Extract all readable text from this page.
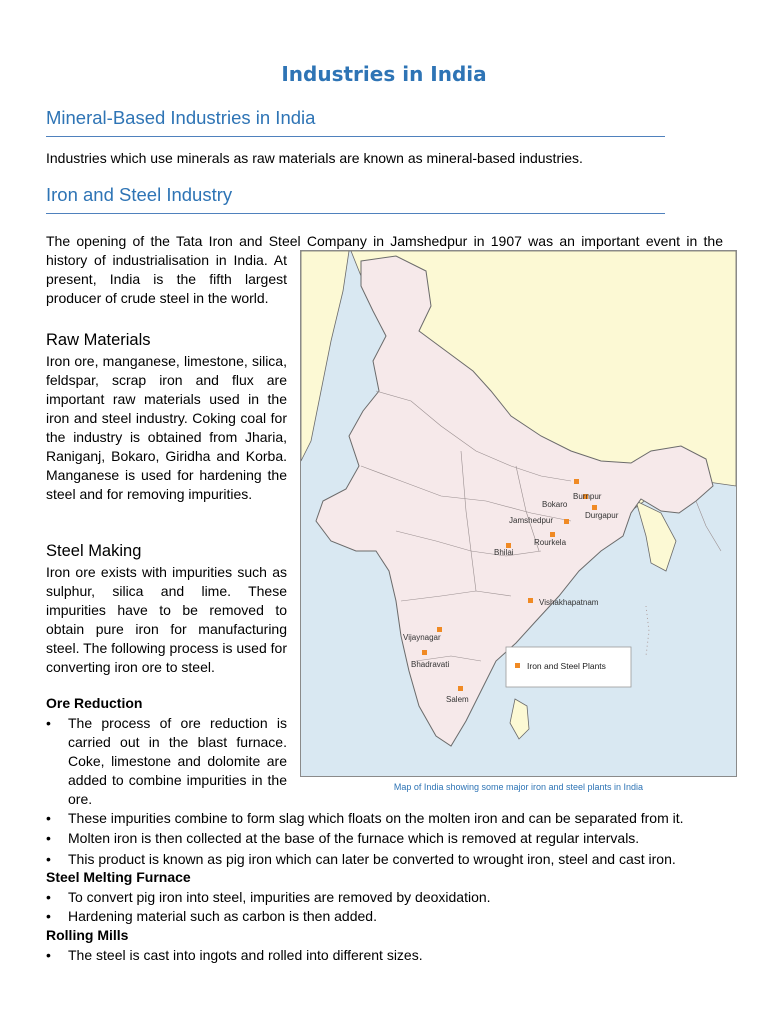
Industries in India
Mineral-Based Industries in India
Industries which use minerals as raw materials are known as mineral-based industries.
Iron and Steel Industry
The opening of the Tata Iron and Steel Company in Jamshedpur in 1907 was an important event in the
history of industrialisation in India. At present, India is the fifth largest producer of crude steel in the world.
Raw Materials
Iron ore, manganese, limestone, silica, feldspar, scrap iron and flux are important raw materials used in the iron and steel industry. Coking coal for the industry is obtained from Jharia, Raniganj, Bokaro, Giridha and Korba. Manganese is used for hardening the steel and for removing impurities.
Steel Making
Iron ore exists with impurities such as sulphur, silica and lime. These impurities have to be removed to obtain pure iron for manufacturing steel. The following process is used for converting iron ore to steel.
Ore Reduction
• The process of ore reduction is carried out in the blast furnace. Coke, limestone and dolomite are added to combine impurities in the ore.
• These impurities combine to form slag which floats on the molten iron and can be separated from it.
• Molten iron is then collected at the base of the furnace which is removed at regular intervals.
• This product is known as pig iron which can later be converted to wrought iron, steel and cast iron.
Steel Melting Furnace
• To convert pig iron into steel, impurities are removed by deoxidation.
• Hardening material such as carbon is then added.
Rolling Mills
• The steel is cast into ingots and rolled into different sizes.
Bokaro
Burnpur
Durgapur
Jamshedpur
Rourkela
Bhilai
Vishakhapatnam
Vijaynagar
Bhadravati
Salem
Iron and Steel Plants
Map of India showing some major iron and steel plants in India
